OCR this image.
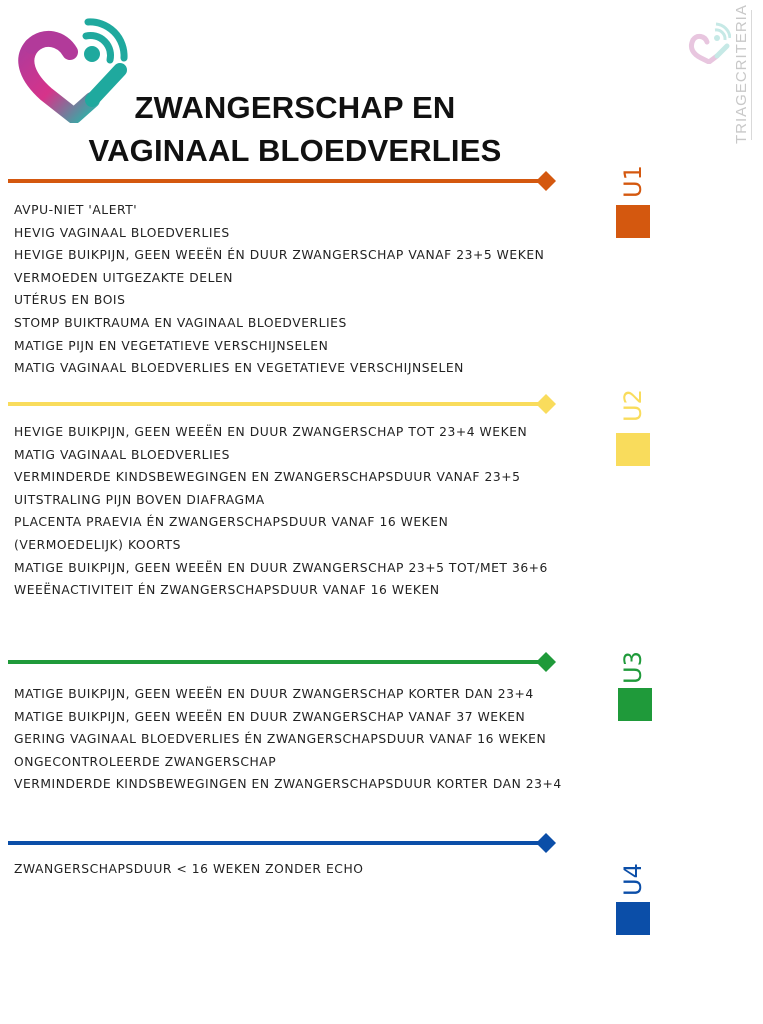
ZWANGERSCHAP EN
VAGINAAL BLOEDVERLIES
TRIAGECRITERIA
AVPU-NIET 'ALERT'
HEVIG VAGINAAL BLOEDVERLIES
HEVIGE BUIKPIJN, GEEN WEEËN ÉN DUUR ZWANGERSCHAP VANAF 23+5 WEKEN
VERMOEDEN UITGEZAKTE DELEN
UTÉRUS EN BOIS
STOMP BUIKTRAUMA EN VAGINAAL BLOEDVERLIES
MATIGE PIJN EN VEGETATIEVE VERSCHIJNSELEN
MATIG VAGINAAL BLOEDVERLIES EN VEGETATIEVE VERSCHIJNSELEN
U1
HEVIGE BUIKPIJN, GEEN WEEËN EN DUUR ZWANGERSCHAP TOT 23+4 WEKEN
MATIG VAGINAAL BLOEDVERLIES
VERMINDERDE KINDSBEWEGINGEN EN ZWANGERSCHAPSDUUR VANAF 23+5
UITSTRALING PIJN BOVEN DIAFRAGMA
PLACENTA PRAEVIA ÉN ZWANGERSCHAPSDUUR VANAF 16 WEKEN
(VERMOEDELIJK) KOORTS
MATIGE BUIKPIJN, GEEN WEEËN EN DUUR ZWANGERSCHAP 23+5 TOT/MET 36+6
WEEËNACTIVITEIT ÉN ZWANGERSCHAPSDUUR VANAF 16 WEKEN
U2
MATIGE BUIKPIJN, GEEN WEEËN EN DUUR ZWANGERSCHAP KORTER DAN 23+4
MATIGE BUIKPIJN, GEEN WEEËN EN DUUR ZWANGERSCHAP VANAF 37 WEKEN
GERING VAGINAAL BLOEDVERLIES ÉN ZWANGERSCHAPSDUUR VANAF 16 WEKEN
ONGECONTROLEERDE ZWANGERSCHAP
VERMINDERDE KINDSBEWEGINGEN EN ZWANGERSCHAPSDUUR KORTER DAN 23+4
U3
ZWANGERSCHAPSDUUR < 16 WEKEN ZONDER ECHO	U4
